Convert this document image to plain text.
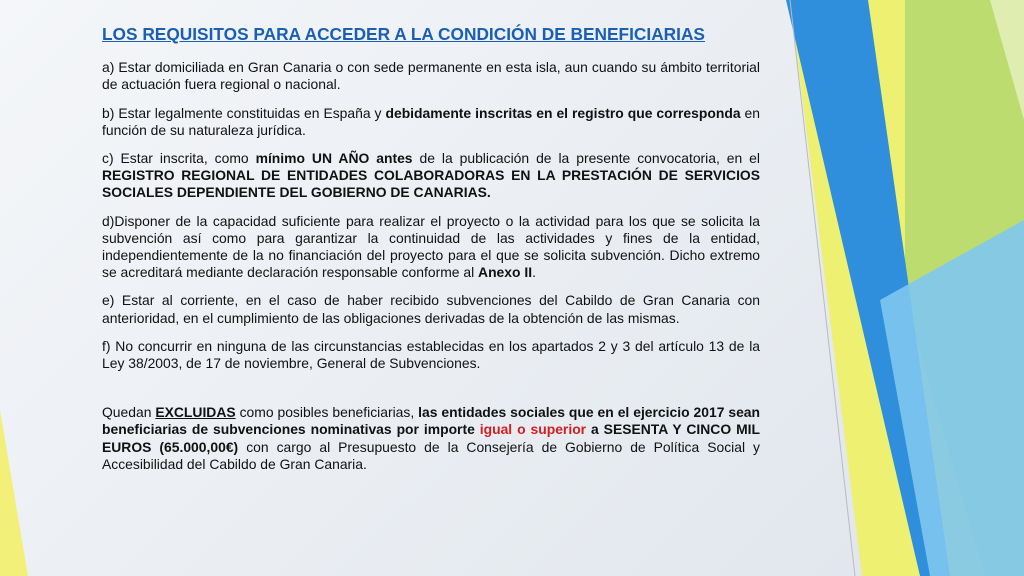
LOS REQUISITOS PARA ACCEDER A LA CONDICIÓN DE BENEFICIARIAS

a) Estar domiciliada en Gran Canaria o con sede permanente en esta isla, aun cuando su ámbito territorial de actuación fuera regional o nacional.

b) Estar legalmente constituidas en España y debidamente inscritas en el registro que corresponda en función de su naturaleza jurídica.

c) Estar inscrita, como mínimo UN AÑO antes de la publicación de la presente convocatoria, en el REGISTRO REGIONAL DE ENTIDADES COLABORADORAS EN LA PRESTACIÓN DE SERVICIOS SOCIALES DEPENDIENTE DEL GOBIERNO DE CANARIAS.

d)Disponer de la capacidad suficiente para realizar el proyecto o la actividad para los que se solicita la subvención así como para garantizar la continuidad de las actividades y fines de la entidad, independientemente de la no financiación del proyecto para el que se solicita subvención. Dicho extremo se acreditará mediante declaración responsable conforme al Anexo II.

e) Estar al corriente, en el caso de haber recibido subvenciones del Cabildo de Gran Canaria con anterioridad, en el cumplimiento de las obligaciones derivadas de la obtención de las mismas.

f) No concurrir en ninguna de las circunstancias establecidas en los apartados 2 y 3 del artículo 13 de la Ley 38/2003, de 17 de noviembre, General de Subvenciones.

Quedan EXCLUIDAS como posibles beneficiarias, las entidades sociales que en el ejercicio 2017 sean beneficiarias de subvenciones nominativas por importe igual o superior a SESENTA Y CINCO MIL EUROS (65.000,00€) con cargo al Presupuesto de la Consejería de Gobierno de Política Social y Accesibilidad del Cabildo de Gran Canaria.
